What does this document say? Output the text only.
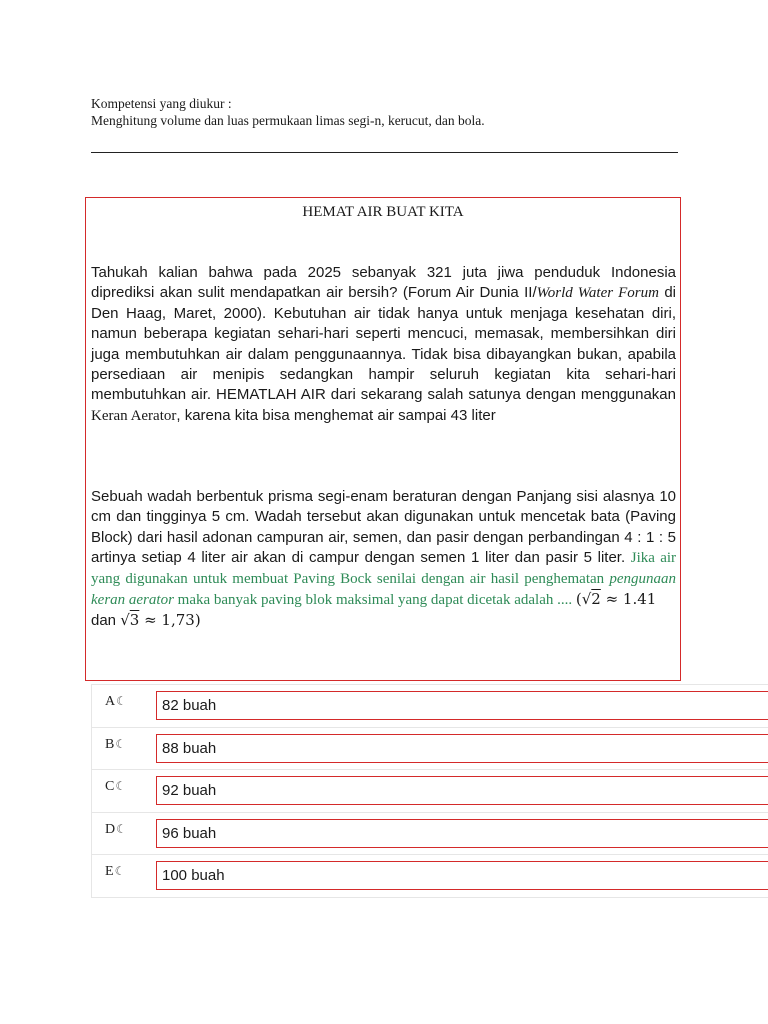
Kompetensi yang diukur :
Menghitung volume dan luas permukaan limas segi-n, kerucut, dan bola.
HEMAT AIR BUAT KITA
Tahukah kalian bahwa pada 2025 sebanyak 321 juta jiwa penduduk Indonesia diprediksi akan sulit mendapatkan air bersih? (Forum Air Dunia II/World Water Forum di Den Haag, Maret, 2000). Kebutuhan air tidak hanya untuk menjaga kesehatan diri, namun beberapa kegiatan sehari-hari seperti mencuci, memasak, membersihkan diri juga membutuhkan air dalam penggunaannya. Tidak bisa dibayangkan bukan, apabila persediaan air menipis sedangkan hampir seluruh kegiatan kita sehari-hari membutuhkan air. HEMATLAH AIR dari sekarang salah satunya dengan menggunakan Keran Aerator, karena kita bisa menghemat air sampai 43 liter
Sebuah wadah berbentuk prisma segi-enam beraturan dengan Panjang sisi alasnya 10 cm dan tingginya 5 cm. Wadah tersebut akan digunakan untuk mencetak bata (Paving Block) dari hasil adonan campuran air, semen, dan pasir dengan perbandingan 4 : 1 : 5 artinya setiap 4 liter air akan di campur dengan semen 1 liter dan pasir 5 liter. Jika air yang digunakan untuk membuat Paving Bock senilai dengan air hasil penghematan pengunaan keran aerator maka banyak paving blok maksimal yang dapat dicetak adalah .... (√2 ≈ 1.41
dan √3 ≈ 1,73)
A☾	82 buah
B☾	88 buah
C☾	92 buah
D☾	96 buah
E☾	100 buah
